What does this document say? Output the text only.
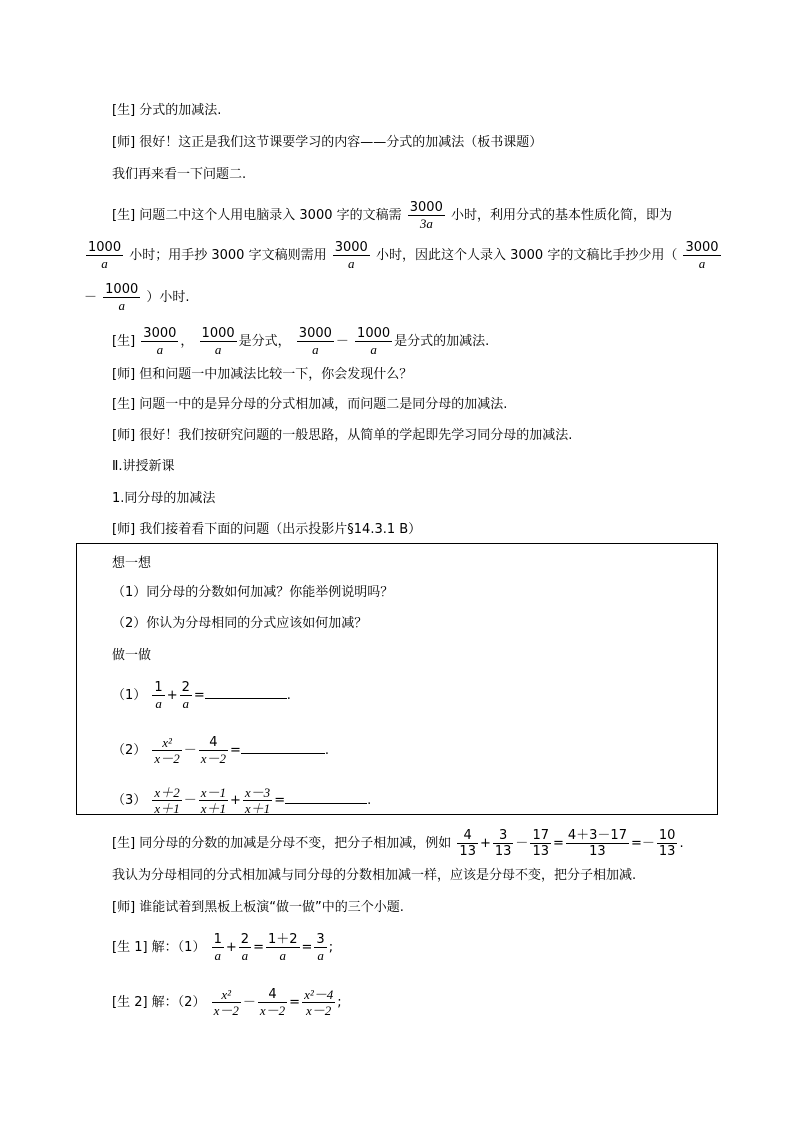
[生] 分式的加减法.
[师] 很好！这正是我们这节课要学习的内容——分式的加减法（板书课题）
我们再来看一下问题二.
[生] 问题二中这个人用电脑录入 3000 字的文稿需 $\frac{3000}{3a}$ 小时，利用分式的基本性质化简，即为
$\frac{1000}{a}$ 小时；用手抄 3000 字文稿则需用 $\frac{3000}{a}$ 小时，因此这个人录入 3000 字的文稿比手抄少用（ $\frac{3000}{a}$
－ $\frac{1000}{a}$ ）小时.
[生] $\frac{3000}{a}$ ， $\frac{1000}{a}$ 是分式， $\frac{3000}{a} - \frac{1000}{a}$ 是分式的加减法.
[师] 但和问题一中加减法比较一下，你会发现什么？
[生] 问题一中的是异分母的分式相加减，而问题二是同分母的加减法.
[师] 很好！我们按研究问题的一般思路，从简单的学起即先学习同分母的加减法.
Ⅱ.讲授新课
1.同分母的加减法
[师] 我们接着看下面的问题（出示投影片§14.3.1 B）
想一想
（1）同分母的分数如何加减？你能举例说明吗？
（2）你认为分母相同的分式应该如何加减？
做一做
$(1) \frac{1}{a} + \frac{2}{a}$ =	.
$(2) \frac{\text{x²}}{x-2} - \frac{4}{x-2}$ =	.
$(3) \frac{x+2}{x+1} - \frac{x-1}{x+1} + \frac{x-3}{x+1}$ =	.
[生] 同分母的分数的加减是分母不变，把分子相加减，例如 $\frac{4}{13} + \frac{3}{13} - \frac{17}{13} = \frac{4+3-17}{13} =- \frac{10}{13}$ .
我认为分母相同的分式相加减与同分母的分数相加减一样，应该是分母不变，把分子相加减.
[师] 谁能试着到黑板上板演“做一做”中的三个小题.
[生 1] 解：$(1) \frac{1}{a} + \frac{2}{a} = \frac{1+2}{a} = \frac{3}{a}$ ;
[生 2] 解：$(2) \frac{\text{x²}}{x-2} - \frac{4}{x-2} = \frac{\text{x²－4}}{x-2}$ ;
